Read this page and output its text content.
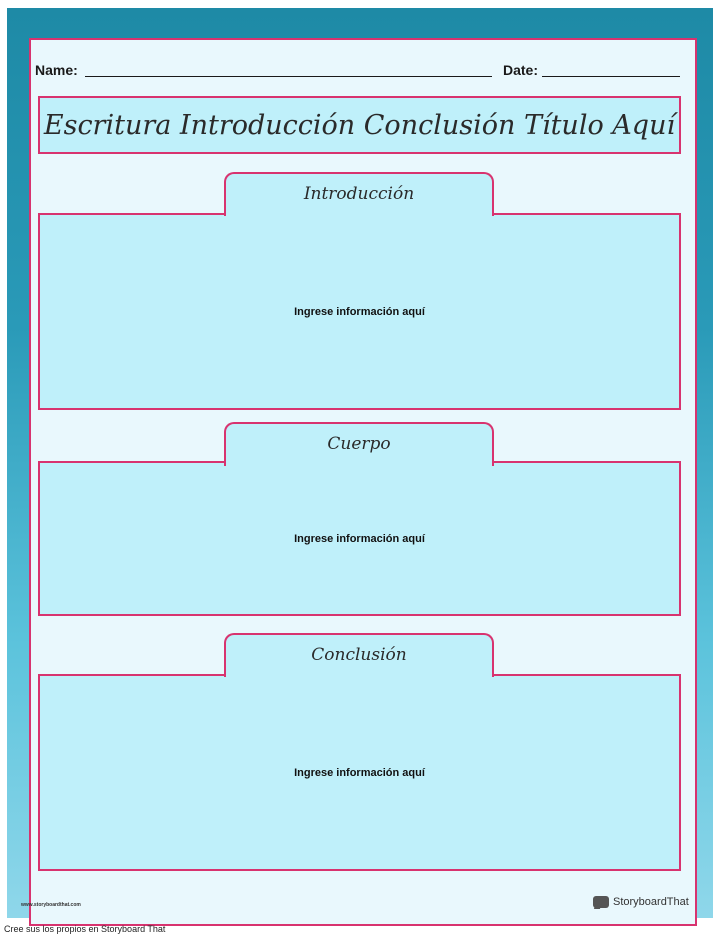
Name:	Date:
Escritura Introducción Conclusión Título Aquí
Introducción
Ingrese información aquí
Cuerpo
Ingrese información aquí
Conclusión
Ingrese información aquí
www.storyboardthat.com	StoryboardThat
Cree sus los propios en Storyboard That
